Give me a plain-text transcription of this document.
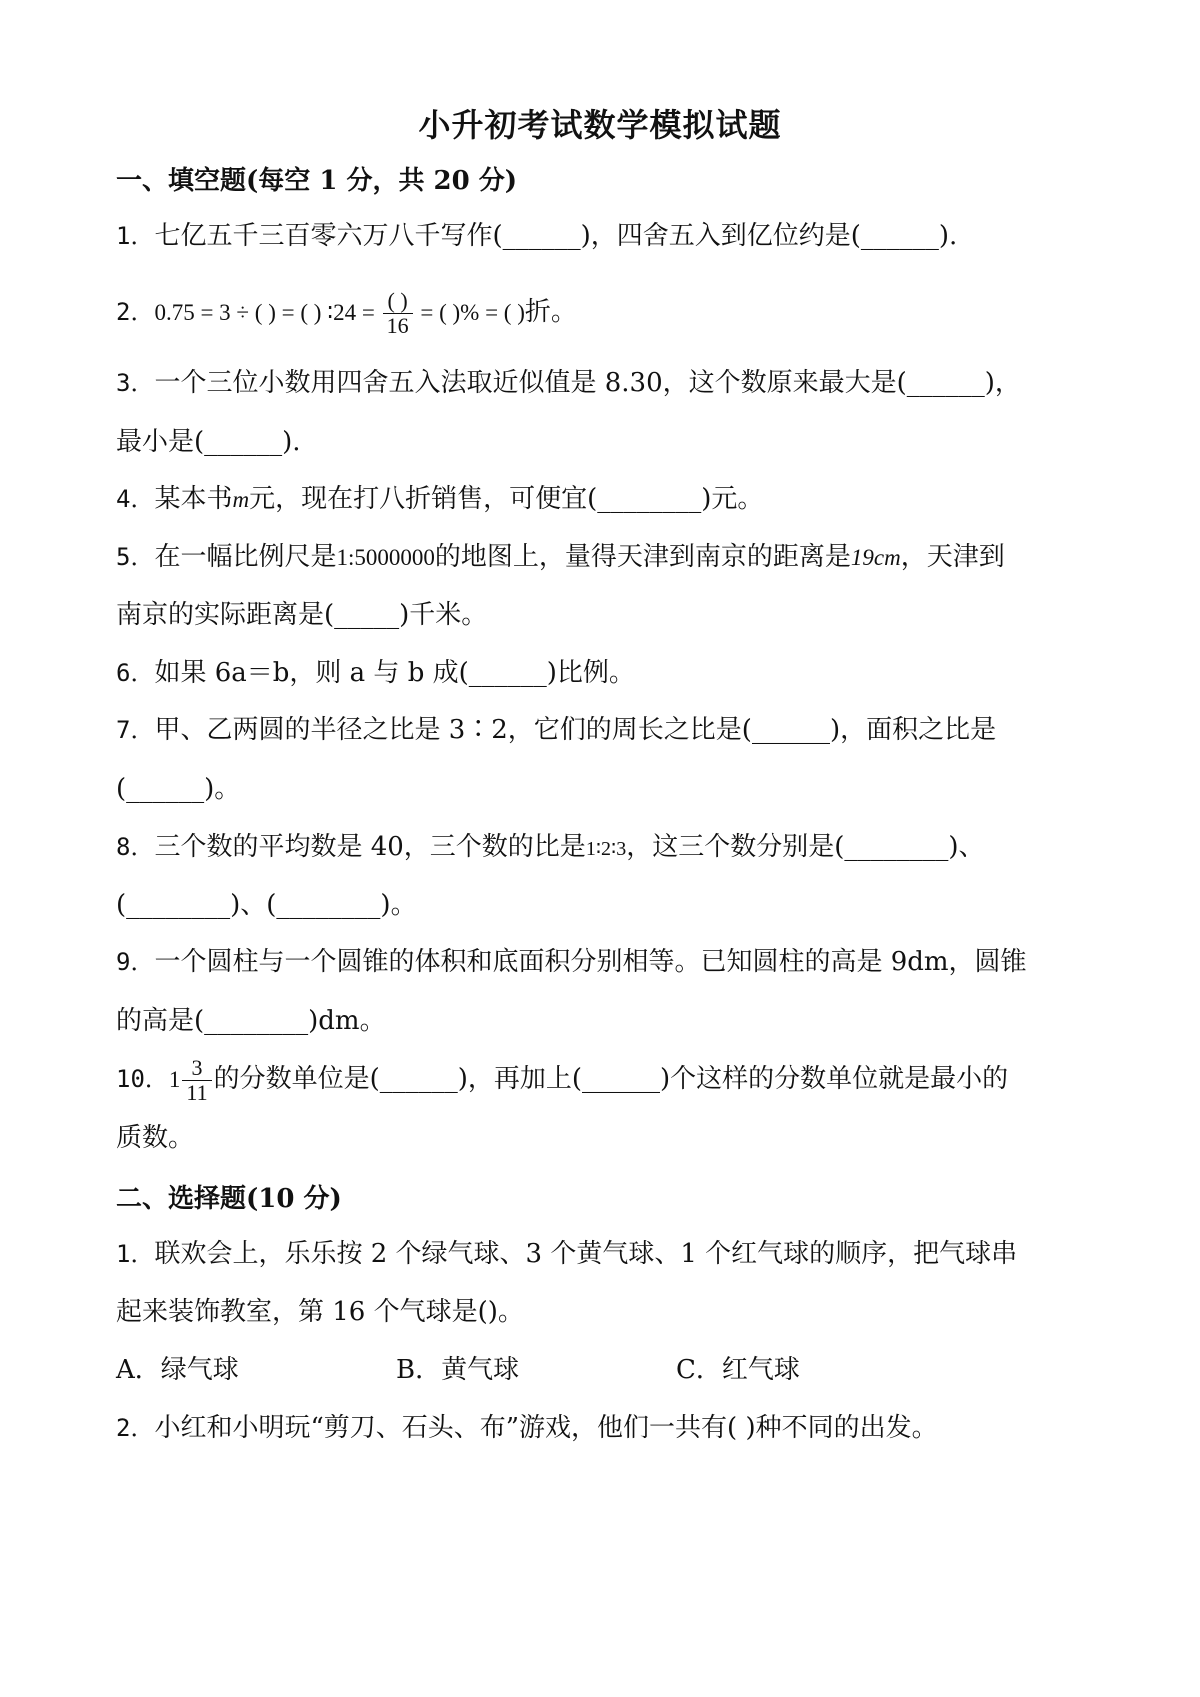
小升初考试数学模拟试题
一、填空题(每空 1 分，共 20 分)
1．七亿五千三百零六万八千写作(______)，四舍五入到亿位约是(______).
2．0.75 = 3 ÷ ( ) = ( ) ∶24 = $\frac{( )}{16}$ = ( )% = ( )折。
3．一个三位小数用四舍五入法取近似值是 8.30，这个数原来最大是(______)，
最小是(______).
4．某本书m元，现在打八折销售，可便宜(________)元。
5．在一幅比例尺是1:5000000的地图上，量得天津到南京的距离是19cm，天津到
南京的实际距离是(_____)千米。
6．如果 6a＝b，则 a 与 b 成(______)比例。
7．甲、乙两圆的半径之比是 3∶2，它们的周长之比是(______)，面积之比是
(______)。
8．三个数的平均数是 40，三个数的比是1∶2∶3，这三个数分别是(________)、
(________)、(________)。
9．一个圆柱与一个圆锥的体积和底面积分别相等。已知圆柱的高是 9dm，圆锥
的高是(________)dm。
10．$1 \frac{3}{11}$ 的分数单位是(______)，再加上(______)个这样的分数单位就是最小的
质数。
二、选择题(10 分)
1．联欢会上，乐乐按 2 个绿气球、3 个黄气球、1 个红气球的顺序，把气球串
起来装饰教室，第 16 个气球是()。
A．绿气球	B．黄气球	C．红气球
2．小红和小明玩“剪刀、石头、布”游戏，他们一共有( )种不同的出发。
